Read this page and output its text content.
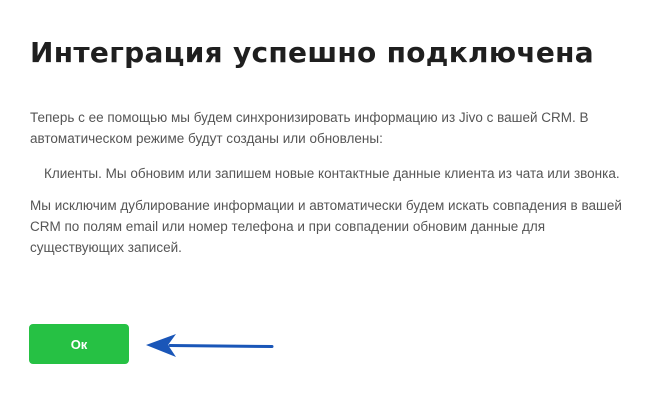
Интеграция успешно подключена

Теперь с ее помощью мы будем синхронизировать информацию из Jivo с вашей CRM. В автоматическом режиме будут созданы или обновлены:

Клиенты. Мы обновим или запишем новые контактные данные клиента из чата или звонка.

Мы исключим дублирование информации и автоматически будем искать совпадения в вашей CRM по полям email или номер телефона и при совпадении обновим данные для существующих записей.

Ок
